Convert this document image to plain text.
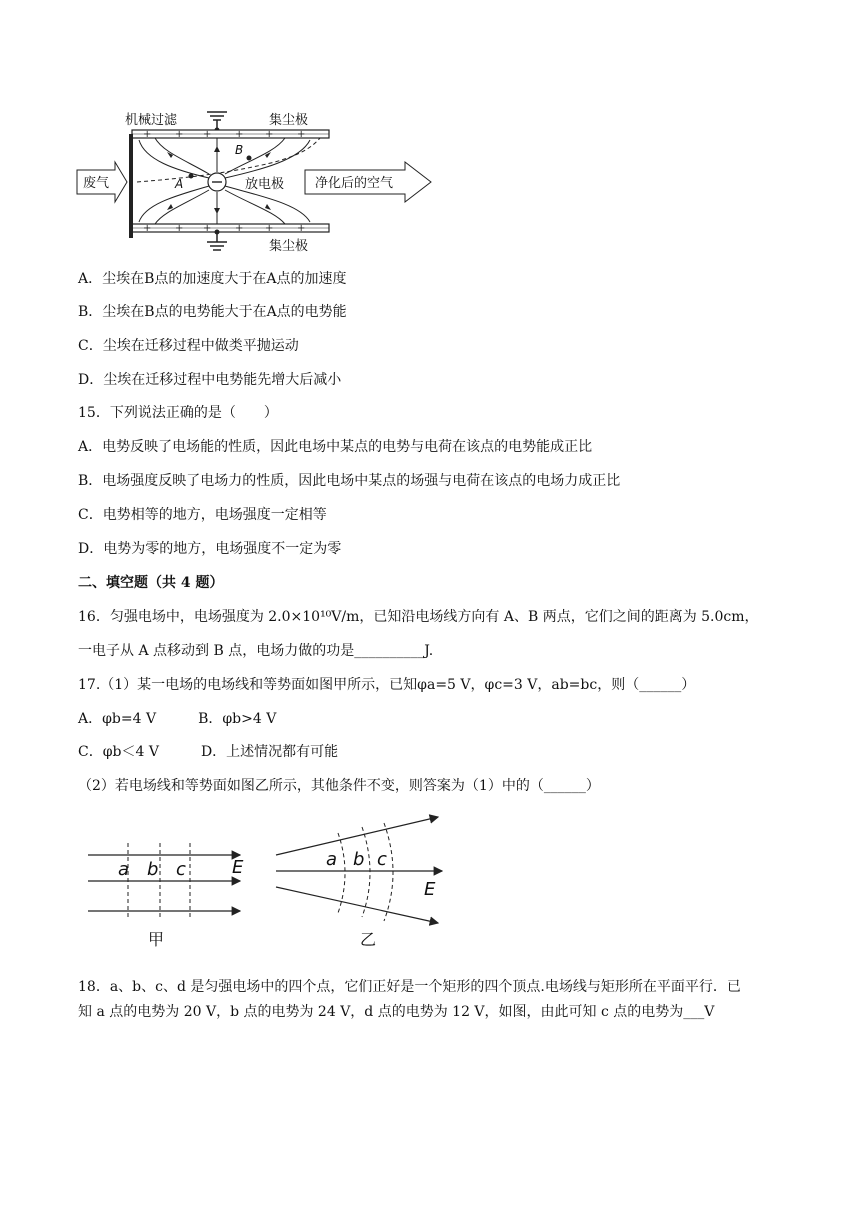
+ + + + + +
+ + + + + +
机械过滤	集尘极
集尘极
废气	放电极 净化后的空气
A
B
A．尘埃在B点的加速度大于在A点的加速度
B．尘埃在B点的电势能大于在A点的电势能
C．尘埃在迁移过程中做类平抛运动
D．尘埃在迁移过程中电势能先增大后减小
15．下列说法正确的是（　　）
A．电势反映了电场能的性质，因此电场中某点的电势与电荷在该点的电势能成正比
B．电场强度反映了电场力的性质，因此电场中某点的场强与电荷在该点的电场力成正比
C．电势相等的地方，电场强度一定相等
D．电势为零的地方，电场强度不一定为零
二、填空题（共 4 题）
16．匀强电场中，电场强度为 2.0×10¹⁰V/m，已知沿电场线方向有 A、B 两点，它们之间的距离为 5.0cm，
一电子从 A 点移动到 B 点，电场力做的功是__________J.
17.（1）某一电场的电场线和等势面如图甲所示，已知φa=5 V，φc=3 V，ab=bc，则（______）
A．φb=4 V　　　B．φb>4 V
C．φb＜4 V　　　D．上述情况都有可能
（2）若电场线和等势面如图乙所示，其他条件不变，则答案为（1）中的（______）
a b c	E
甲
a b c
E
乙
18．a、b、c、d 是匀强电场中的四个点，它们正好是一个矩形的四个顶点.电场线与矩形所在平面平行．已
知 a 点的电势为 20 V，b 点的电势为 24 V，d 点的电势为 12 V，如图，由此可知 c 点的电势为___V
